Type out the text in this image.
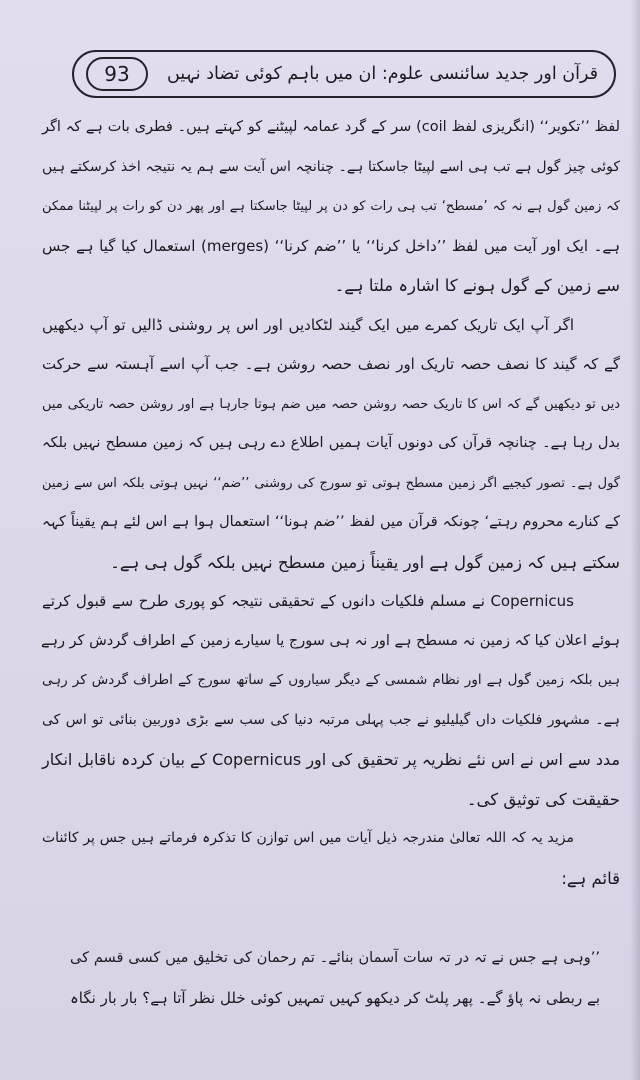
93	قرآن اور جدید سائنسی علوم: ان میں باہم کوئی تضاد نہیں
لفظ ’’تکویر‘‘ (انگریزی لفظ coil) سر کے گرد عمامہ لپیٹنے کو کہتے ہیں۔ فطری بات ہے کہ اگر
کوئی چیز گول ہے تب ہی اسے لپیٹا جاسکتا ہے۔ چنانچہ اس آیت سے ہم یہ نتیجہ اخذ کرسکتے ہیں
کہ زمین گول ہے نہ کہ ’مسطح‘ تب ہی رات کو دن پر لپیٹا جاسکتا ہے اور پھر دن کو رات پر لپیٹنا ممکن
ہے۔ ایک اور آیت میں لفظ ’’داخل کرنا‘‘ یا ’’ضم کرنا‘‘ (merges) استعمال کیا گیا ہے جس
سے زمین کے گول ہونے کا اشارہ ملتا ہے۔
اگر آپ ایک تاریک کمرے میں ایک گیند لٹکادیں اور اس پر روشنی ڈالیں تو آپ دیکھیں
گے کہ گیند کا نصف حصہ تاریک اور نصف حصہ روشن ہے۔ جب آپ اسے آہستہ سے حرکت
دیں تو دیکھیں گے کہ اس کا تاریک حصہ روشن حصہ میں ضم ہوتا جارہا ہے اور روشن حصہ تاریکی میں
بدل رہا ہے۔ چنانچہ قرآن کی دونوں آیات ہمیں اطلاع دے رہی ہیں کہ زمین مسطح نہیں بلکہ
گول ہے۔ تصور کیجیے اگر زمین مسطح ہوتی تو سورج کی روشنی ’’ضم‘‘ نہیں ہوتی بلکہ اس سے زمین
کے کنارے محروم رہتے‘ چونکہ قرآن میں لفظ ’’ضم ہونا‘‘ استعمال ہوا ہے اس لئے ہم یقیناً کہہ
سکتے ہیں کہ زمین گول ہے اور یقیناً زمین مسطح نہیں بلکہ گول ہی ہے۔
Copernicus نے مسلم فلکیات دانوں کے تحقیقی نتیجہ کو پوری طرح سے قبول کرتے
ہوئے اعلان کیا کہ زمین نہ مسطح ہے اور نہ ہی سورج یا سیارے زمین کے اطراف گردش کر رہے
ہیں بلکہ زمین گول ہے اور نظام شمسی کے دیگر سیاروں کے ساتھ سورج کے اطراف گردش کر رہی
ہے۔ مشہور فلکیات داں گیلیلیو نے جب پہلی مرتبہ دنیا کی سب سے بڑی دوربین بنائی تو اس کی
مدد سے اس نے اس نئے نظریہ پر تحقیق کی اور Copernicus کے بیان کردہ ناقابل انکار
حقیقت کی توثیق کی۔
مزید یہ کہ اللہ تعالیٰ مندرجہ ذیل آیات میں اس توازن کا تذکرہ فرماتے ہیں جس پر کائنات
قائم ہے:
’’وہی ہے جس نے تہ در تہ سات آسمان بنائے۔ تم رحمان کی تخلیق میں کسی قسم کی
بے ربطی نہ پاؤ گے۔ پھر پلٹ کر دیکھو کہیں تمہیں کوئی خلل نظر آتا ہے؟ بار بار نگاہ
